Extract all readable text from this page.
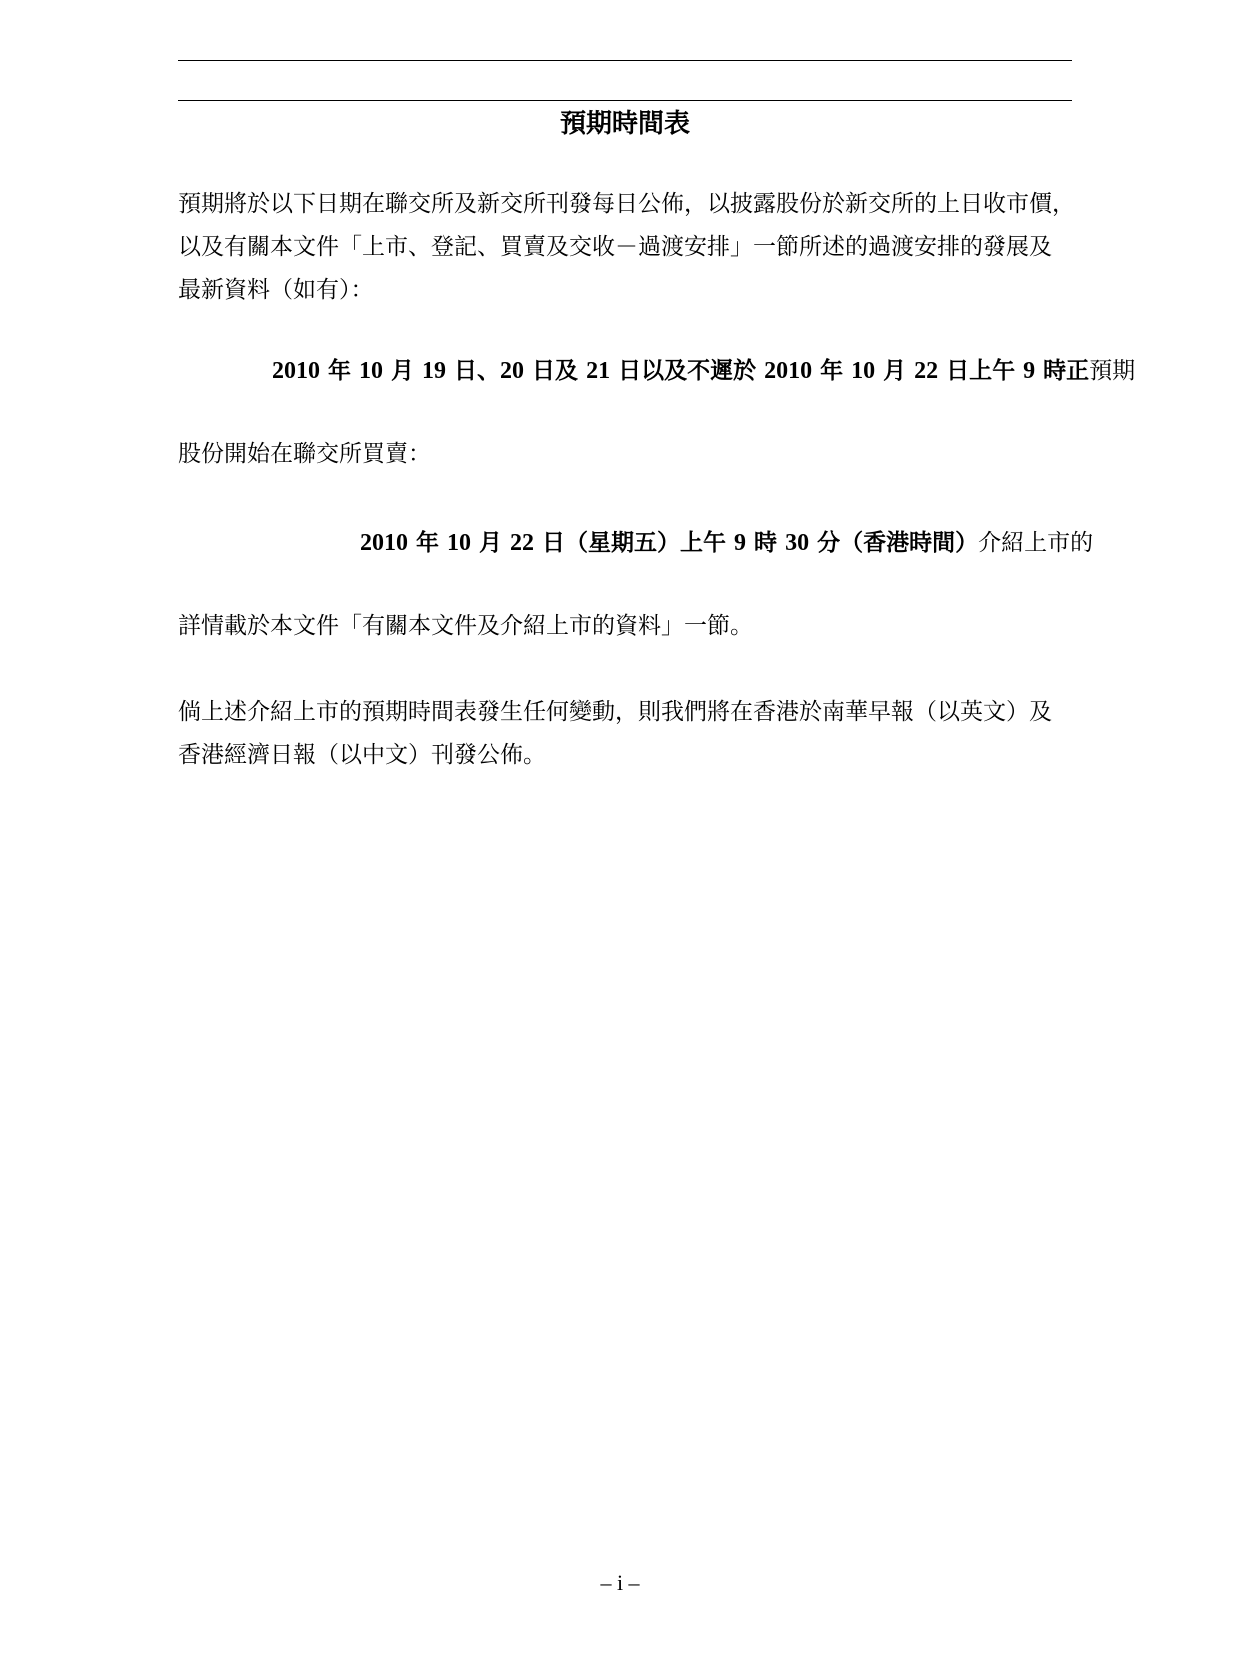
預期時間表

預期將於以下日期在聯交所及新交所刊發每日公佈，以披露股份於新交所的上日收市價，
以及有關本文件「上市、登記、買賣及交收－過渡安排」一節所述的過渡安排的發展及
最新資料（如有）：

2010 年 10 月 19 日、20 日及 21 日以及不遲於 2010 年 10 月 22 日上午 9 時正預期

股份開始在聯交所買賣：

2010 年 10 月 22 日（星期五）上午 9 時 30 分（香港時間）介紹上市的

詳情載於本文件「有關本文件及介紹上市的資料」一節。

倘上述介紹上市的預期時間表發生任何變動，則我們將在香港於南華早報（以英文）及
香港經濟日報（以中文）刊發公佈。

– i –
